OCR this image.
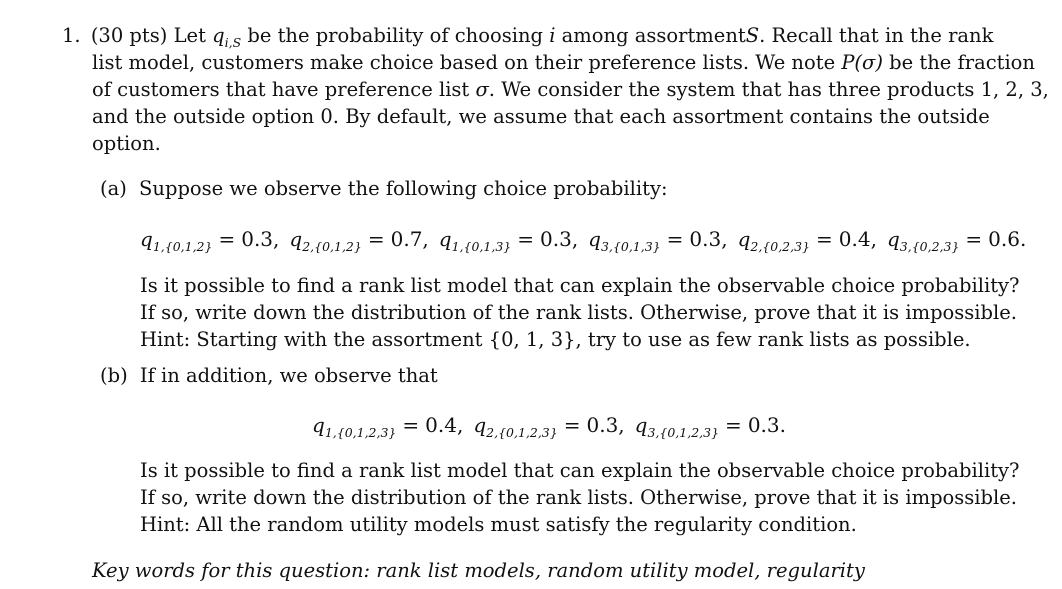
1. (30 pts) Let $q_{i,S}$ be the probability of choosing i among assortmentS. Recall that in the rank
list model, customers make choice based on their preference lists. We note P(σ) be the fraction
of customers that have preference list σ. We consider the system that has three products 1, 2, 3,
and the outside option 0. By default, we assume that each assortment contains the outside
option.
(a) Suppose we observe the following choice probability:
$q_{1,\{0,1,2\}} = 0.3$, $q_{2,\{0,1,2\}} = 0.7$, $q_{1,\{0,1,3\}} = 0.3$, $q_{3,\{0,1,3\}} = 0.3$, $q_{2,\{0,2,3\}} = 0.4$, $q_{3,\{0,2,3\}} = 0.6$.
Is it possible to find a rank list model that can explain the observable choice probability?
If so, write down the distribution of the rank lists. Otherwise, prove that it is impossible.
Hint: Starting with the assortment {0, 1, 3}, try to use as few rank lists as possible.
(b) If in addition, we observe that
$q_{1,\{0,1,2,3\}} = 0.4$, $q_{2,\{0,1,2,3\}} = 0.3$, $q_{3,\{0,1,2,3\}} = 0.3$.
Is it possible to find a rank list model that can explain the observable choice probability?
If so, write down the distribution of the rank lists. Otherwise, prove that it is impossible.
Hint: All the random utility models must satisfy the regularity condition.
Key words for this question: rank list models, random utility model, regularity
